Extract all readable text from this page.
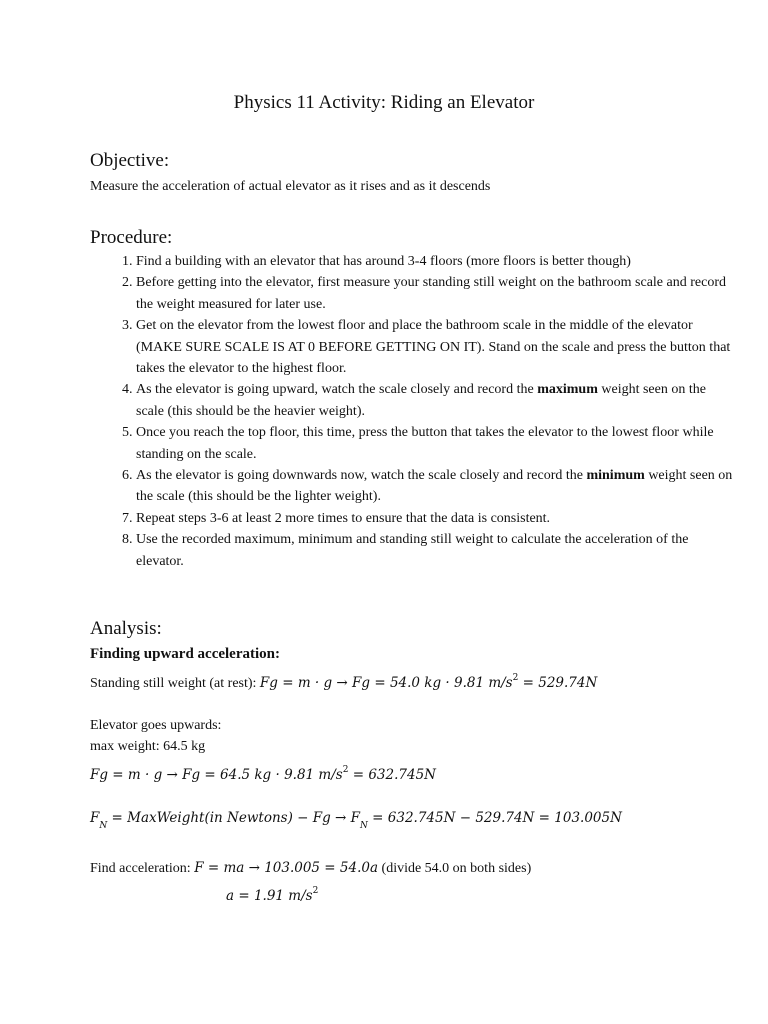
Physics 11 Activity: Riding an Elevator
Objective:
Measure the acceleration of actual elevator as it rises and as it descends
Procedure:
1. Find a building with an elevator that has around 3-4 floors (more floors is better though)
2. Before getting into the elevator, first measure your standing still weight on the bathroom scale and record the weight measured for later use.
3. Get on the elevator from the lowest floor and place the bathroom scale in the middle of the elevator (MAKE SURE SCALE IS AT 0 BEFORE GETTING ON IT). Stand on the scale and press the button that takes the elevator to the highest floor.
4. As the elevator is going upward, watch the scale closely and record the maximum weight seen on the scale (this should be the heavier weight).
5. Once you reach the top floor, this time, press the button that takes the elevator to the lowest floor while standing on the scale.
6. As the elevator is going downwards now, watch the scale closely and record the minimum weight seen on the scale (this should be the lighter weight).
7. Repeat steps 3-6 at least 2 more times to ensure that the data is consistent.
8. Use the recorded maximum, minimum and standing still weight to calculate the acceleration of the elevator.
Analysis:
Finding upward acceleration:
Standing still weight (at rest): Fg = m · g → Fg = 54.0 kg · 9.81 $m/s^2 = 529.74N$
Elevator goes upwards:
max weight: 64.5 kg
Fg = m · g → Fg = 64.5 kg · 9.81 $m/s^2 = 632.745N$
$F_N$ = MaxWeight(in Newtons) − $Fg \to F_N = 632.745N - 529.74N = 103.005N$
Find acceleration: F = ma → 103.005 = 54.0a (divide 54.0 on both sides)
a = 1.91 $m/s^2$
